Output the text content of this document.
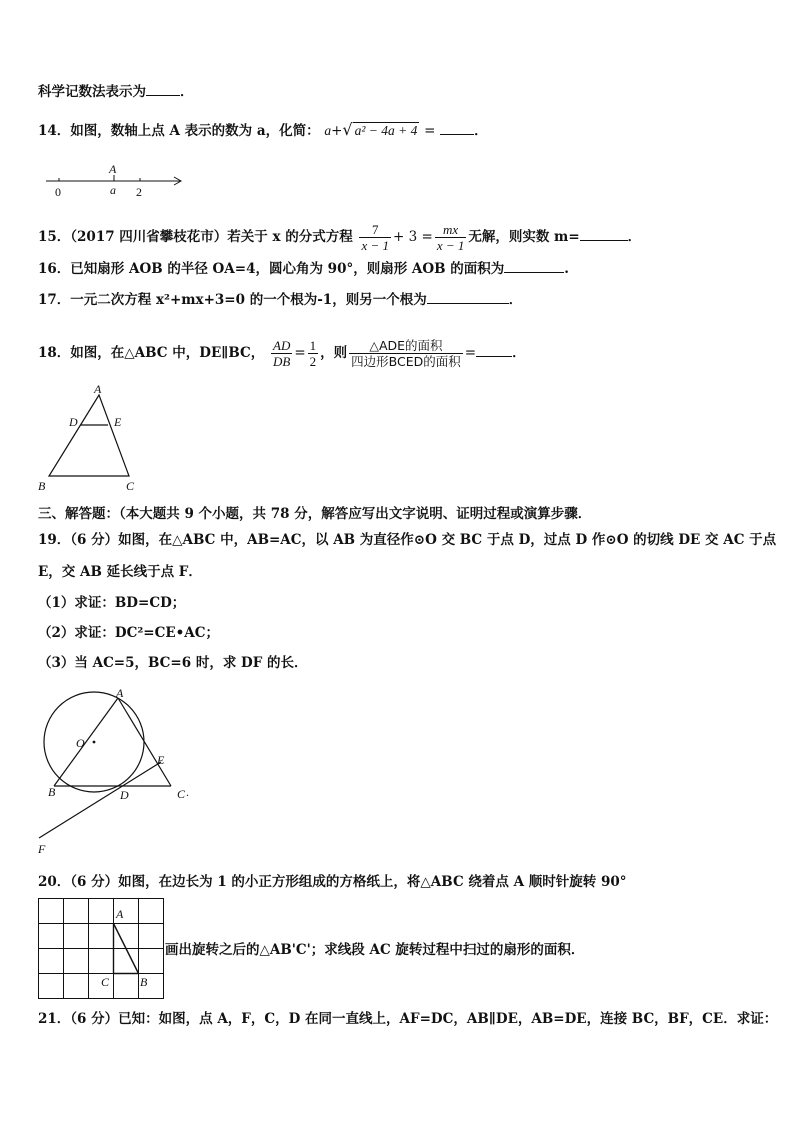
科学记数法表示为	．
14．如图，数轴上点 A 表示的数为 a，化简： a+√ a² − 4a + 4 =	．
0
A
a 2
15．（2017 四川省攀枝花市）若关于 x 的分式方程 $\frac{7}{x - 1} + 3 = \frac{mx}{x - 1}$ 无解，则实数 m=	．
16．已知扇形 AOB 的半径 OA=4，圆心角为 90°，则扇形 AOB 的面积为	.
17．一元二次方程 x²+mx+3=0 的一个根为-1，则另一个根为	．
18．如图，在△ABC 中，DE∥BC， $\frac{AD}{DB} = \frac{1}{2}$ ，则 $\frac{\text{△ADE的面积}}{\text{四边形BCED的面积}}$ =	．
A
D	E
B	C
三、解答题：（本大题共 9 个小题，共 78 分，解答应写出文字说明、证明过程或演算步骤．
19．（6 分）如图，在△ABC 中，AB=AC，以 AB 为直径作⊙O 交 BC 于点 D，过点 D 作⊙O 的切线 DE 交 AC 于点
E，交 AB 延长线于点 F．
（1）求证：BD=CD；
（2）求证：DC²=CE•AC；
（3）当 AC=5，BC=6 时，求 DF 的长．
A
O
E
B	D	C .
F
20．（6 分）如图，在边长为 1 的小正方形组成的方格纸上，将△ABC 绕着点 A 顺时针旋转 90°
A
C	B
画出旋转之后的△AB'C'；求线段 AC 旋转过程中扫过的扇形的面积．
21．（6 分）已知：如图，点 A，F，C，D 在同一直线上，AF=DC，AB∥DE，AB=DE，连接 BC，BF，CE．求证：
